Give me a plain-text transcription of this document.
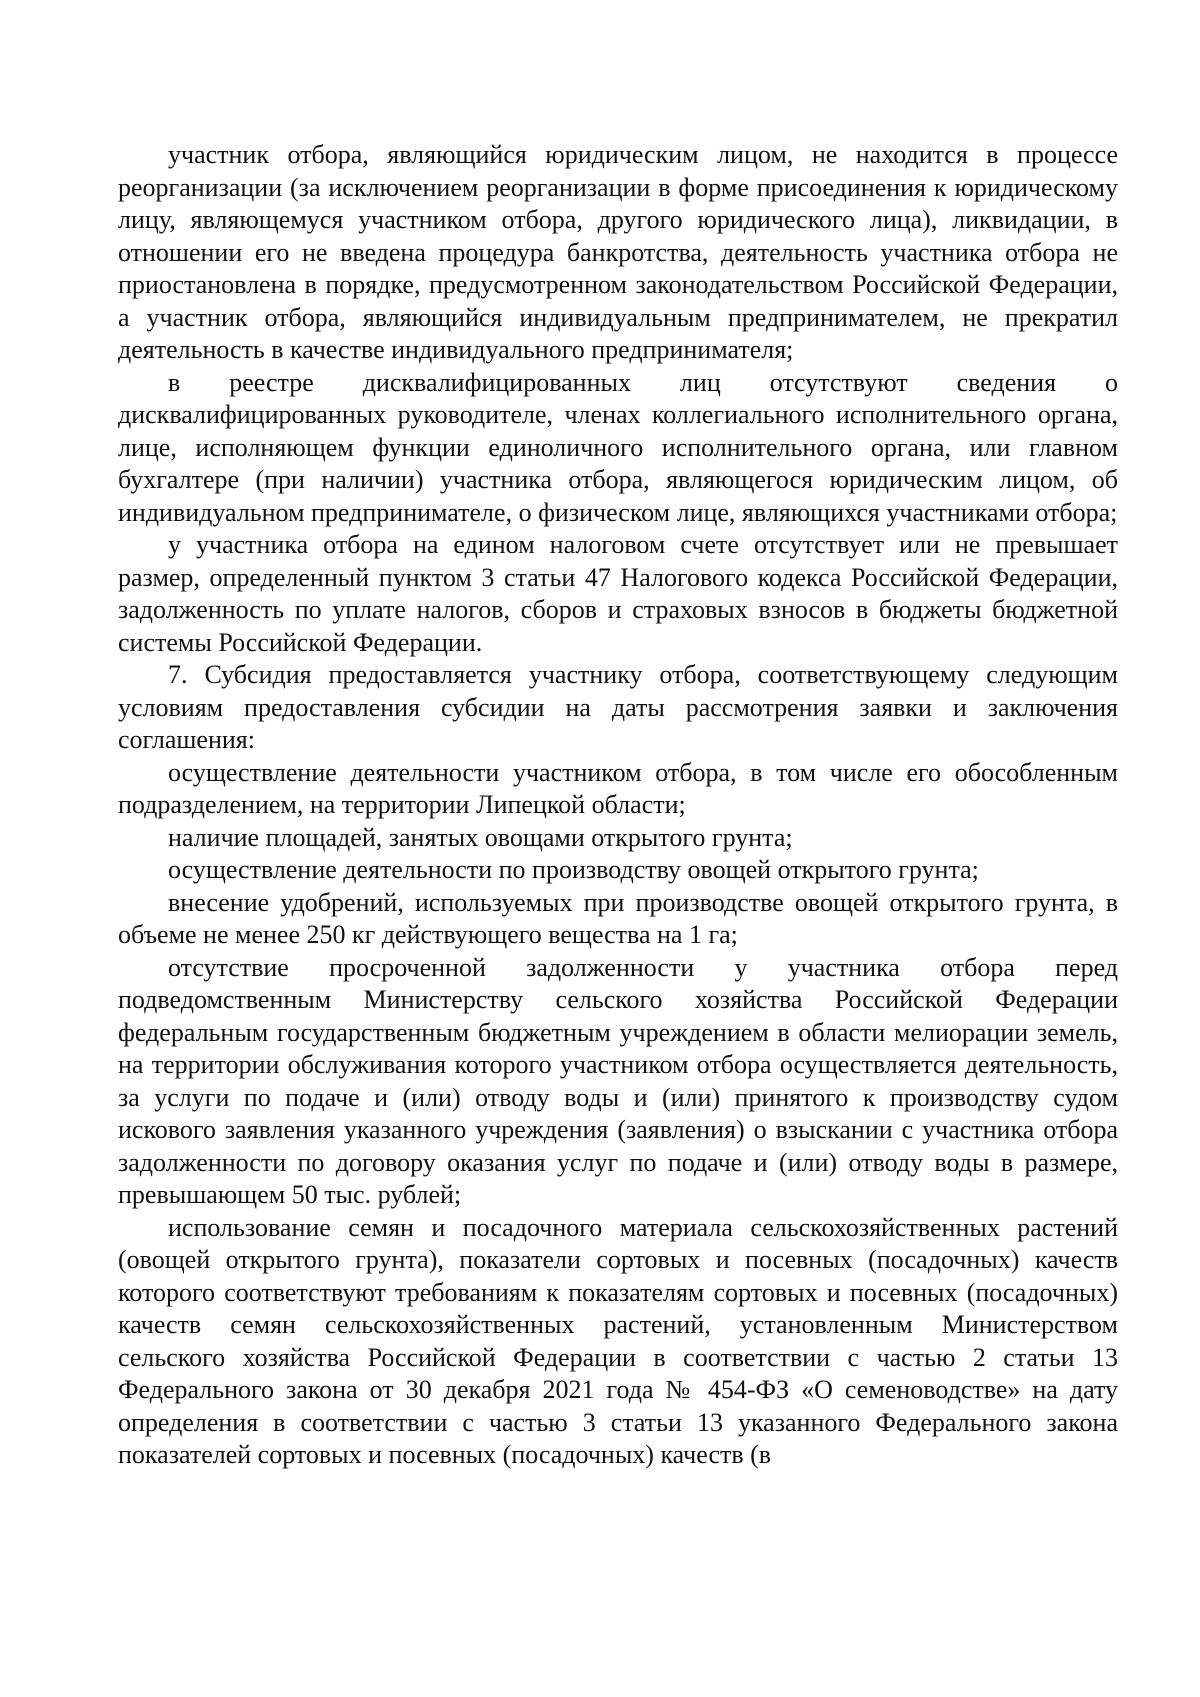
участник отбора, являющийся юридическим лицом, не находится в процессе реорганизации (за исключением реорганизации в форме присоединения к юридическому лицу, являющемуся участником отбора, другого юридического лица), ликвидации, в отношении его не введена процедура банкротства, деятельность участника отбора не приостановлена в порядке, предусмотренном законодательством Российской Федерации, а участник отбора, являющийся индивидуальным предпринимателем, не прекратил деятельность в качестве индивидуального предпринимателя;

в реестре дисквалифицированных лиц отсутствуют сведения о дисквалифицированных руководителе, членах коллегиального исполнительного органа, лице, исполняющем функции единоличного исполнительного органа, или главном бухгалтере (при наличии) участника отбора, являющегося юридическим лицом, об индивидуальном предпринимателе, о физическом лице, являющихся участниками отбора;

у участника отбора на едином налоговом счете отсутствует или не превышает размер, определенный пунктом 3 статьи 47 Налогового кодекса Российской Федерации, задолженность по уплате налогов, сборов и страховых взносов в бюджеты бюджетной системы Российской Федерации.

7. Субсидия предоставляется участнику отбора, соответствующему следующим условиям предоставления субсидии на даты рассмотрения заявки и заключения соглашения:

осуществление деятельности участником отбора, в том числе его обособленным подразделением, на территории Липецкой области;

наличие площадей, занятых овощами открытого грунта;

осуществление деятельности по производству овощей открытого грунта;

внесение удобрений, используемых при производстве овощей открытого грунта, в объеме не менее 250 кг действующего вещества на 1 га;

отсутствие просроченной задолженности у участника отбора перед подведомственным Министерству сельского хозяйства Российской Федерации федеральным государственным бюджетным учреждением в области мелиорации земель, на территории обслуживания которого участником отбора осуществляется деятельность, за услуги по подаче и (или) отводу воды и (или) принятого к производству судом искового заявления указанного учреждения (заявления) о взыскании с участника отбора задолженности по договору оказания услуг по подаче и (или) отводу воды в размере, превышающем 50 тыс. рублей;

использование семян и посадочного материала сельскохозяйственных растений (овощей открытого грунта), показатели сортовых и посевных (посадочных) качеств которого соответствуют требованиям к показателям сортовых и посевных (посадочных) качеств семян сельскохозяйственных растений, установленным Министерством сельского хозяйства Российской Федерации в соответствии с частью 2 статьи 13 Федерального закона от 30 декабря 2021 года № 454-ФЗ «О семеноводстве» на дату определения в соответствии с частью 3 статьи 13 указанного Федерального закона показателей сортовых и посевных (посадочных) качеств (в
